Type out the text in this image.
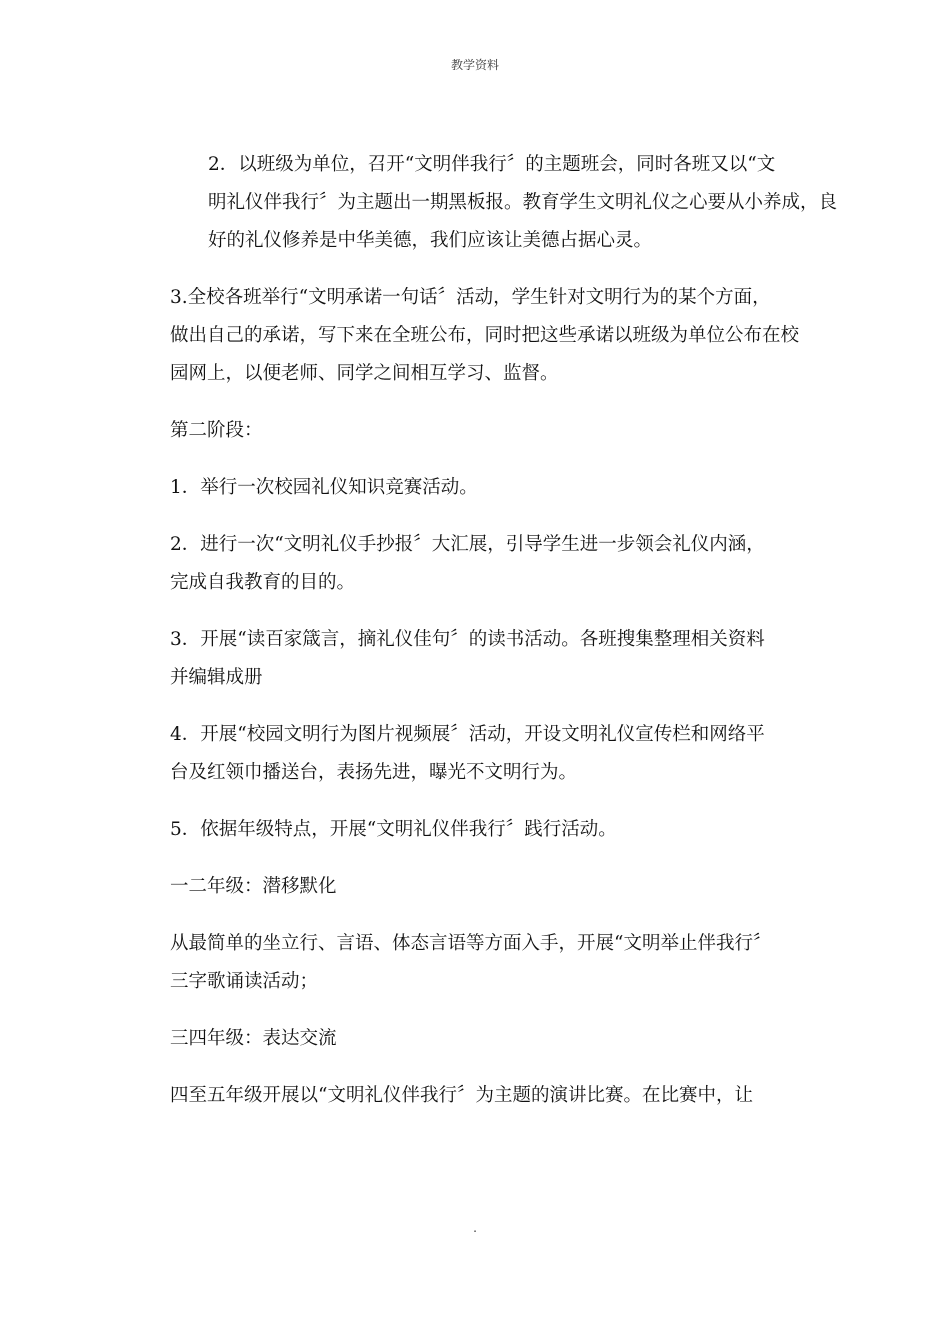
教学资料

2．以班级为单位，召开“文明伴我行〞的主题班会，同时各班又以“文
明礼仪伴我行〞为主题出一期黑板报。教育学生文明礼仪之心要从小养成，良
好的礼仪修养是中华美德，我们应该让美德占据心灵。

3.全校各班举行“文明承诺一句话〞活动，学生针对文明行为的某个方面，
做出自己的承诺，写下来在全班公布，同时把这些承诺以班级为单位公布在校
园网上，以便老师、同学之间相互学习、监督。

第二阶段：

1．举行一次校园礼仪知识竞赛活动。

2．进行一次“文明礼仪手抄报〞大汇展，引导学生进一步领会礼仪内涵，
完成自我教育的目的。

3．开展“读百家箴言，摘礼仪佳句〞的读书活动。各班搜集整理相关资料
并编辑成册

4．开展“校园文明行为图片视频展〞活动，开设文明礼仪宣传栏和网络平
台及红领巾播送台，表扬先进，曝光不文明行为。

5．依据年级特点，开展“文明礼仪伴我行〞践行活动。

一二年级：潜移默化

从最简单的坐立行、言语、体态言语等方面入手，开展“文明举止伴我行〞
三字歌诵读活动；

三四年级：表达交流

四至五年级开展以“文明礼仪伴我行〞为主题的演讲比赛。在比赛中，让

.
